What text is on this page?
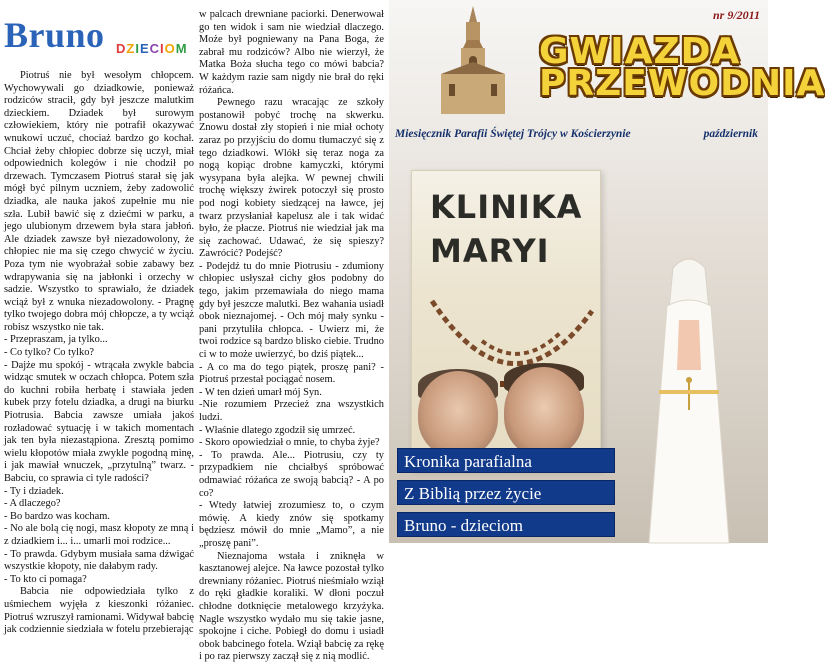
Bruno DZIECIOM

Piotruś nie był wesołym chłopcem. Wychowywali go dziadkowie, ponieważ rodziców stracił, gdy był jeszcze malutkim dzieckiem. Dziadek był surowym człowiekiem, który nie potrafił okazywać wnukowi uczuć, chociaż bardzo go kochał. Chciał żeby chłopiec dobrze się uczył, miał odpowiednich kolegów i nie chodził po drzewach. Tymczasem Piotruś starał się jak mógł być pilnym uczniem, żeby zadowolić dziadka, ale nauka jakoś zupełnie mu nie szła. Lubił bawić się z dziećmi w parku, a jego ulubionym drzewem była stara jabłoń. Ale dziadek zawsze był niezadowolony, że chłopiec nie ma się czego chwycić w życiu. Poza tym nie wyobrażał sobie zabawy bez wdrapywania się na jabłonki i orzechy w sadzie. Wszystko to sprawiało, że dziadek wciąż był z wnuka niezadowolony. - Pragnę tylko twojego dobra mój chłopcze, a ty wciąż robisz wszystko nie tak.

- Przepraszam, ja tylko...

- Co tylko? Co tylko?

- Dajże mu spokój - wtrącała zwykle babcia widząc smutek w oczach chłopca. Potem szła do kuchni robiła herbatę i stawiała jeden kubek przy fotelu dziadka, a drugi na biurku Piotrusia. Babcia zawsze umiała jakoś rozładować sytuację i w takich momentach jak ten była niezastąpiona. Zresztą pomimo wielu kłopotów miała zwykle pogodną minę, i jak mawiał wnuczek, „przytulną” twarz. - Babciu, co sprawia ci tyle radości?

- Ty i dziadek.

- A dlaczego?

- Bo bardzo was kocham.

- No ale bolą cię nogi, masz kłopoty ze mną i z dziadkiem i... i... umarli moi rodzice...

- To prawda. Gdybym musiała sama dźwigać wszystkie kłopoty, nie dałabym rady.

- To kto ci pomaga?

Babcia nie odpowiedziała tylko z uśmiechem wyjęła z kieszonki różaniec. Piotruś wzruszył ramionami. Widywał babcię jak codziennie siedziała w fotelu przebierając

w palcach drewniane paciorki. Denerwował go ten widok i sam nie wiedział dlaczego. Może był pogniewany na Pana Boga, że zabrał mu rodziców? Albo nie wierzył, że Matka Boża słucha tego co mówi babcia? W każdym razie sam nigdy nie brał do ręki różańca.

Pewnego razu wracając ze szkoły postanowił pobyć trochę na skwerku. Znowu dostał zły stopień i nie miał ochoty zaraz po przyjściu do domu tłumaczyć się z tego dziadkowi. Wlókł się teraz noga za nogą kopiąc drobne kamyczki, którymi wysypana była alejka. W pewnej chwili trochę większy żwirek potoczył się prosto pod nogi kobiety siedzącej na ławce, jej twarz przysłaniał kapelusz ale i tak widać było, że płacze. Piotruś nie wiedział jak ma się zachować. Udawać, że się spieszy? Zawrócić? Podejść?

- Podejdź tu do mnie Piotrusiu - zdumiony chłopiec usłyszał cichy głos podobny do tego, jakim przemawiała do niego mama gdy był jeszcze malutki. Bez wahania usiadł obok nieznajomej. - Och mój mały synku - pani przytuliła chłopca. - Uwierz mi, że twoi rodzice są bardzo blisko ciebie. Trudno ci w to może uwierzyć, bo dziś piątek...

- A co ma do tego piątek, proszę pani? - Piotruś przestał pociągać nosem.

- W ten dzień umarł mój Syn.

-Nie rozumiem Przecież zna wszystkich ludzi.

- Właśnie dlatego zgodził się umrzeć.

- Skoro opowiedział o mnie, to chyba żyje?

- To prawda. Ale... Piotrusiu, czy ty przypadkiem nie chciałbyś spróbować odmawiać różańca ze swoją babcią? - A po co?

- Wtedy łatwiej zrozumiesz to, o czym mówię. A kiedy znów się spotkamy będziesz mówił do mnie „Mamo”, a nie „proszę pani”.

Nieznajoma wstała i zniknęła w kasztanowej alejce. Na ławce pozostał tylko drewniany różaniec. Piotruś nieśmiało wziął do ręki gładkie koraliki. W dłoni poczuł chłodne dotknięcie metalowego krzyżyka. Nagle wszystko wydało mu się takie jasne, spokojne i ciche. Pobiegł do domu i usiadł obok babcinego fotela. Wziął babcię za rękę i po raz pierwszy zaczął się z nią modlić.

KLINIKA
MARYI
nr 9/2011
GWIAZDA
PRZEWODNIA
Miesięcznik Parafii Świętej Trójcy w Kościerzynie	październik
Kronika parafialna
Z Biblią przez życie
Bruno - dzieciom
